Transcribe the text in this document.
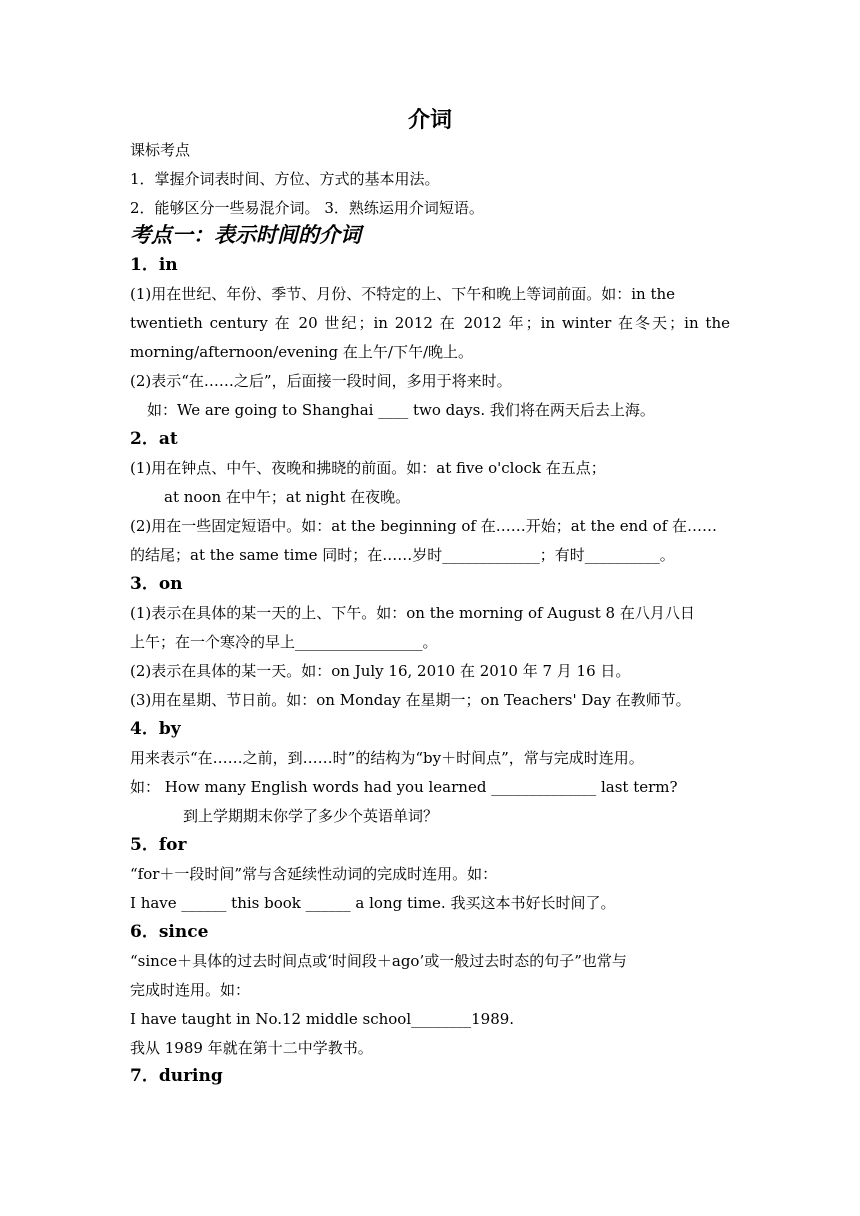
介词
课标考点
1．掌握介词表时间、方位、方式的基本用法。
2．能够区分一些易混介词。 3．熟练运用介词短语。
考点一：表示时间的介词
1．in
(1)用在世纪、年份、季节、月份、不特定的上、下午和晚上等词前面。如：in the
twentieth century 在 20 世纪；in 2012 在 2012 年；in winter 在冬天；in the
morning/afternoon/evening 在上午/下午/晚上。
(2)表示“在……之后”，后面接一段时间，多用于将来时。
如：We are going to Shanghai ____ two days. 我们将在两天后去上海。
2．at
(1)用在钟点、中午、夜晚和拂晓的前面。如：at five o'clock 在五点；
at noon 在中午；at night 在夜晚。
(2)用在一些固定短语中。如：at the beginning of 在……开始；at the end of 在……
的结尾；at the same time 同时；在……岁时_____________；有时__________。
3．on
(1)表示在具体的某一天的上、下午。如：on the morning of August 8 在八月八日
上午；在一个寒冷的早上_________________。
(2)表示在具体的某一天。如：on July 16, 2010 在 2010 年 7 月 16 日。
(3)用在星期、节日前。如：on Monday 在星期一；on Teachers' Day 在教师节。
4．by
用来表示“在……之前，到……时”的结构为“by＋时间点”，常与完成时连用。
如： How many English words had you learned ______________ last term?
到上学期期末你学了多少个英语单词？
5．for
“for＋一段时间”常与含延续性动词的完成时连用。如：
I have ______ this book ______ a long time. 我买这本书好长时间了。
6．since
“since＋具体的过去时间点或‘时间段＋ago’或一般过去时态的句子”也常与
完成时连用。如：
I have taught in No.12 middle school________1989.
我从 1989 年就在第十二中学教书。
7．during
